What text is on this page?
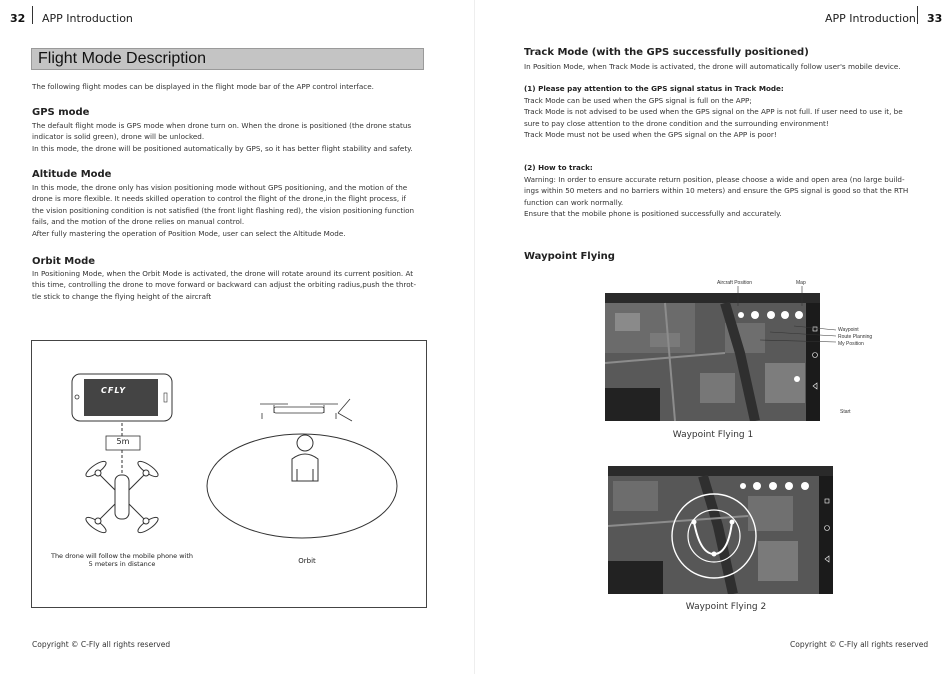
32 APP Introduction
Flight Mode Description
The following flight modes can be displayed in the flight mode bar of the APP control interface.
GPS mode
The default flight mode is GPS mode when drone turn on. When the drone is positioned (the drone status
indicator is solid green), drone will be unlocked.
In this mode, the drone will be positioned automatically by GPS, so it has better flight stability and safety.
Altitude Mode
In this mode, the drone only has vision positioning mode without GPS positioning, and the motion of the
drone is more flexible. It needs skilled operation to control the flight of the drone,in the flight process, if
the vision positioning condition is not satisfied (the front light flashing red), the vision positioning function
fails, and the motion of the drone relies on manual control.
After fully mastering the operation of Position Mode, user can select the Altitude Mode.
Orbit Mode
In Positioning Mode, when the Orbit Mode is activated, the drone will rotate around its current position. At
this time, controlling the drone to move forward or backward can adjust the orbiting radius,push the throt-
tle stick to change the flying height of the aircraft
CFLY
5m
The drone will follow the mobile phone with
5 meters in distance	Orbit
Copyright © C-Fly all rights reserved
APP Introduction 33
Track Mode (with the GPS successfully positioned)
In Position Mode, when Track Mode is activated, the drone will automatically follow user's mobile device.
(1) Please pay attention to the GPS signal status in Track Mode:
Track Mode can be used when the GPS signal is full on the APP;
Track Mode is not advised to be used when the GPS signal on the APP is not full. If user need to use it, be
sure to pay close attention to the drone condition and the surrounding environment!
Track Mode must not be used when the GPS signal on the APP is poor!
(2) How to track:
Warning: In order to ensure accurate return position, please choose a wide and open area (no large build-
ings within 50 meters and no barriers within 10 meters) and ensure the GPS signal is good so that the RTH
function can work normally.
Ensure that the mobile phone is positioned successfully and accurately.
Waypoint Flying
Aircraft Position	Map
Waypoint
Route Planning
My Position
Start
Waypoint Flying 1
Waypoint Flying 2
Copyright © C-Fly all rights reserved
